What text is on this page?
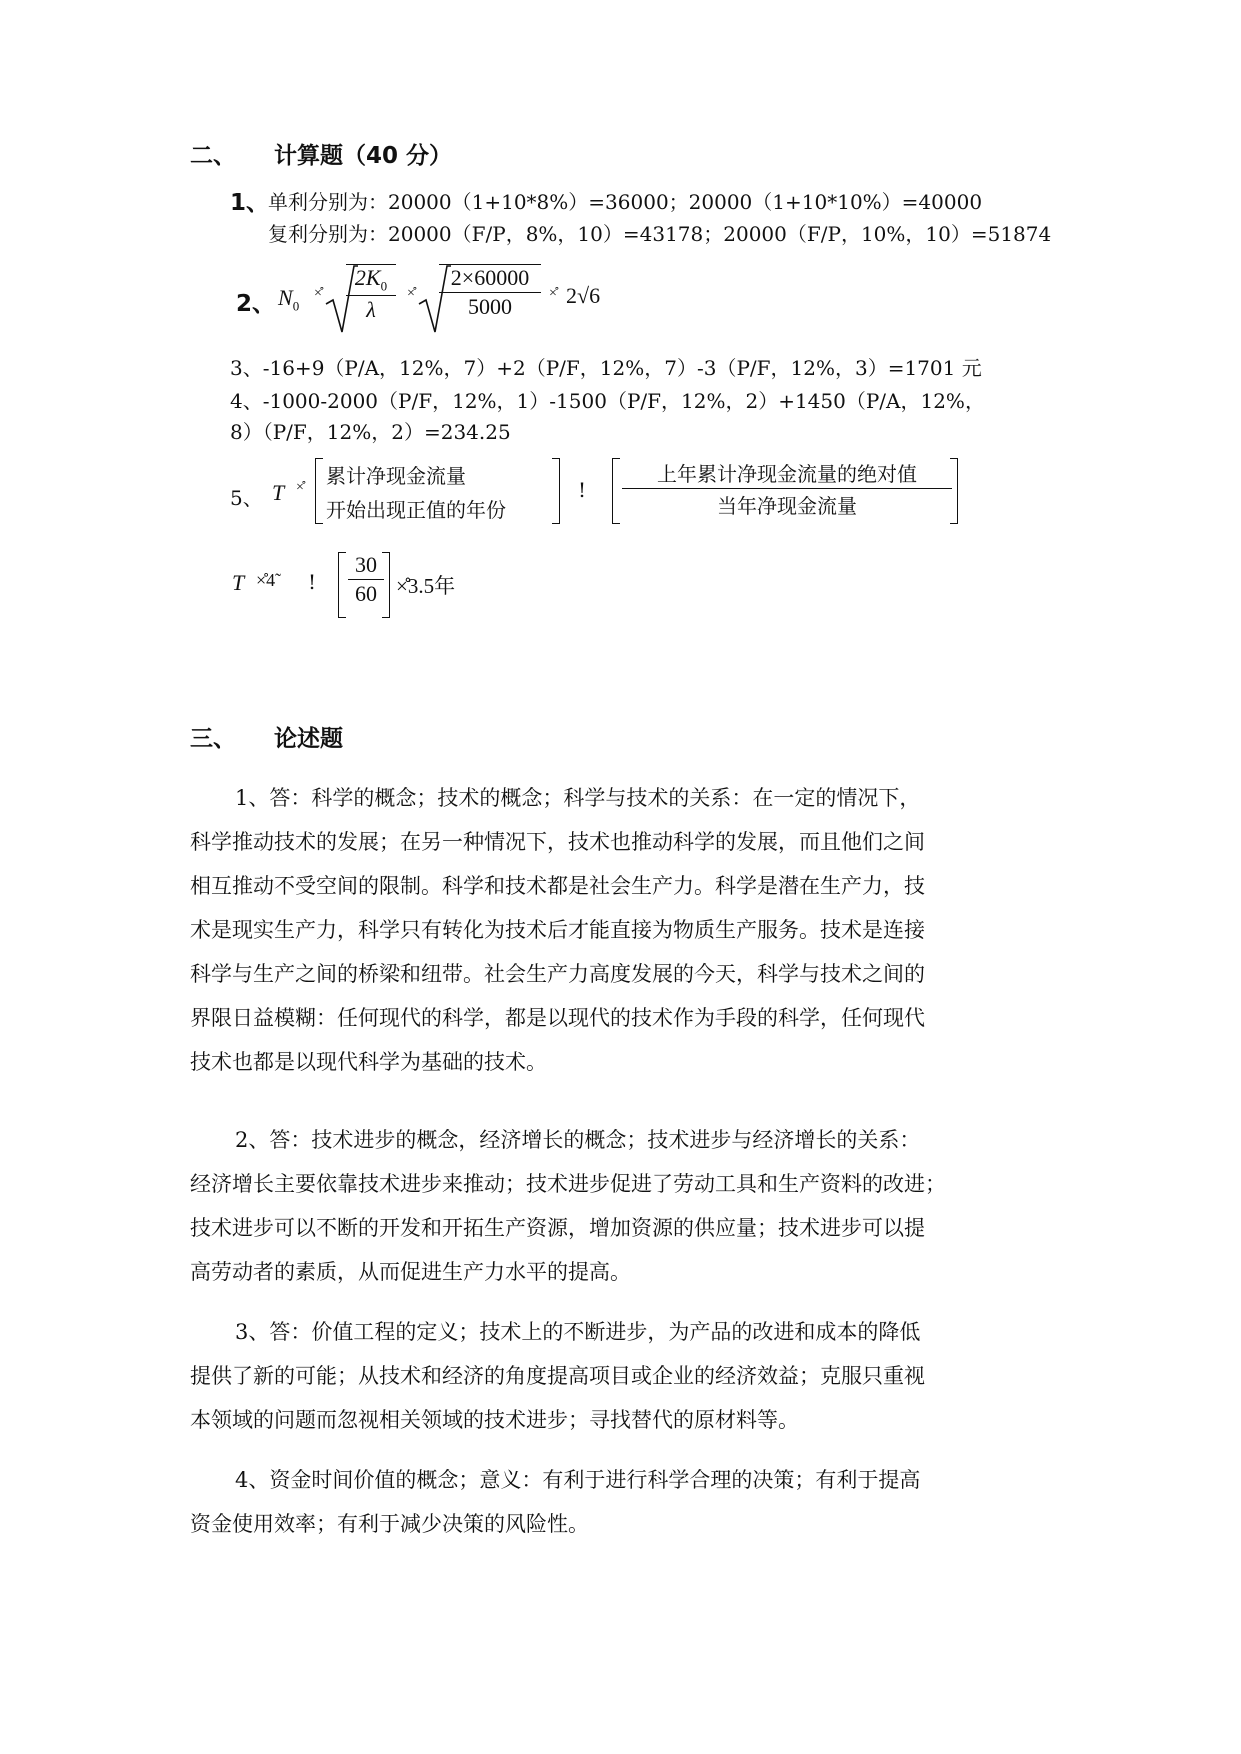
二、 计算题（40 分）
1、
单利分别为：20000（1+10*8%）=36000；20000（1+10*10%）=40000
复利分别为：20000（F/P，8%，10）=43178；20000（F/P，10%，10）=51874
2、 $N_0$
×̊̊
$2K_0$
λ
×̊̊
2×60000
5000
×̊̊ 2√6
3、-16+9（P/A，12%，7）+2（P/F，12%，7）-3（P/F，12%，3）=1701 元
4、-1000-2000（P/F，12%，1）-1500（P/F，12%，2）+1450（P/A，12%，
8）（P/F，12%，2）=234.25
5、 T ×̊̊ 累计净现金流量
开始出现正值的年份
!
上年累计净现金流量的绝对值
当年净现金流量
T ×̊̊4̃ !
30
60 ×̊̊3.5年
三、 论述题
1、答：科学的概念；技术的概念；科学与技术的关系：在一定的情况下，
科学推动技术的发展；在另一种情况下，技术也推动科学的发展，而且他们之间
相互推动不受空间的限制。科学和技术都是社会生产力。科学是潜在生产力，技
术是现实生产力，科学只有转化为技术后才能直接为物质生产服务。技术是连接
科学与生产之间的桥梁和纽带。社会生产力高度发展的今天，科学与技术之间的
界限日益模糊：任何现代的科学，都是以现代的技术作为手段的科学，任何现代
技术也都是以现代科学为基础的技术。
2、答：技术进步的概念，经济增长的概念；技术进步与经济增长的关系：
经济增长主要依靠技术进步来推动；技术进步促进了劳动工具和生产资料的改进；
技术进步可以不断的开发和开拓生产资源，增加资源的供应量；技术进步可以提
高劳动者的素质，从而促进生产力水平的提高。
3、答：价值工程的定义；技术上的不断进步，为产品的改进和成本的降低
提供了新的可能；从技术和经济的角度提高项目或企业的经济效益；克服只重视
本领域的问题而忽视相关领域的技术进步；寻找替代的原材料等。
4、资金时间价值的概念；意义：有利于进行科学合理的决策；有利于提高
资金使用效率；有利于减少决策的风险性。
